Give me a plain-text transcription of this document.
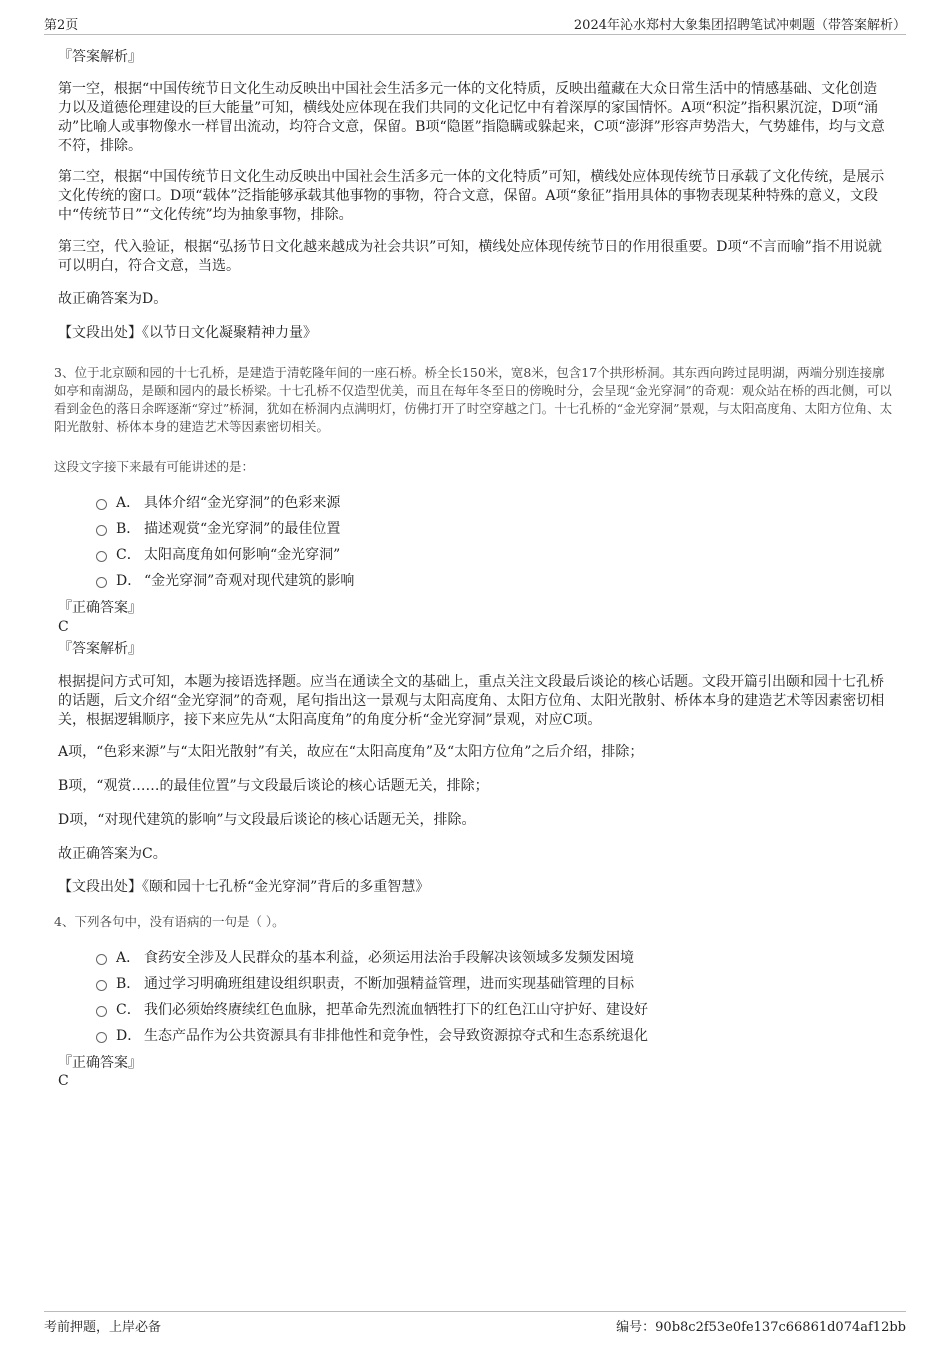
第2页	2024年沁水郑村大象集团招聘笔试冲刺题（带答案解析）

『答案解析』

第一空，根据“中国传统节日文化生动反映出中国社会生活多元一体的文化特质，反映出蕴藏在大众日常生活中的情感基础、文化创造力以及道德伦理建设的巨大能量”可知，横线处应体现在我们共同的文化记忆中有着深厚的家国情怀。A项“积淀”指积累沉淀，D项“涌动”比喻人或事物像水一样冒出流动，均符合文意，保留。B项“隐匿”指隐瞒或躲起来，C项“澎湃”形容声势浩大，气势雄伟，均与文意不符，排除。

第二空，根据“中国传统节日文化生动反映出中国社会生活多元一体的文化特质”可知，横线处应体现传统节日承载了文化传统，是展示文化传统的窗口。D项“载体”泛指能够承载其他事物的事物，符合文意，保留。A项“象征”指用具体的事物表现某种特殊的意义，文段中“传统节日”“文化传统”均为抽象事物，排除。

第三空，代入验证，根据“弘扬节日文化越来越成为社会共识”可知，横线处应体现传统节日的作用很重要。D项“不言而喻”指不用说就可以明白，符合文意，当选。

故正确答案为D。

【文段出处】《以节日文化凝聚精神力量》

3、位于北京颐和园的十七孔桥，是建造于清乾隆年间的一座石桥。桥全长150米，宽8米，包含17个拱形桥洞。其东西向跨过昆明湖，两端分别连接廓如亭和南湖岛，是颐和园内的最长桥梁。十七孔桥不仅造型优美，而且在每年冬至日的傍晚时分，会呈现“金光穿洞”的奇观：观众站在桥的西北侧，可以看到金色的落日余晖逐渐“穿过”桥洞，犹如在桥洞内点满明灯，仿佛打开了时空穿越之门。十七孔桥的“金光穿洞”景观，与太阳高度角、太阳方位角、太阳光散射、桥体本身的建造艺术等因素密切相关。

这段文字接下来最有可能讲述的是：

A． 具体介绍“金光穿洞”的色彩来源
B． 描述观赏“金光穿洞”的最佳位置
C． 太阳高度角如何影响“金光穿洞”
D． “金光穿洞”奇观对现代建筑的影响

『正确答案』

C

『答案解析』

根据提问方式可知，本题为接语选择题。应当在通读全文的基础上，重点关注文段最后谈论的核心话题。文段开篇引出颐和园十七孔桥的话题，后文介绍“金光穿洞”的奇观，尾句指出这一景观与太阳高度角、太阳方位角、太阳光散射、桥体本身的建造艺术等因素密切相关，根据逻辑顺序，接下来应先从“太阳高度角”的角度分析“金光穿洞”景观，对应C项。

A项，“色彩来源”与“太阳光散射”有关，故应在“太阳高度角”及“太阳方位角”之后介绍，排除；

B项，“观赏……的最佳位置”与文段最后谈论的核心话题无关，排除；

D项，“对现代建筑的影响”与文段最后谈论的核心话题无关，排除。

故正确答案为C。

【文段出处】《颐和园十七孔桥“金光穿洞”背后的多重智慧》

4、下列各句中，没有语病的一句是（ ）。

A． 食药安全涉及人民群众的基本利益，必须运用法治手段解决该领域多发频发困境
B． 通过学习明确班组建设组织职责，不断加强精益管理，进而实现基础管理的目标
C． 我们必须始终赓续红色血脉，把革命先烈流血牺牲打下的红色江山守护好、建设好
D． 生态产品作为公共资源具有非排他性和竞争性，会导致资源掠夺式和生态系统退化

『正确答案』

C

考前押题，上岸必备	编号：90b8c2f53e0fe137c66861d074af12bb
